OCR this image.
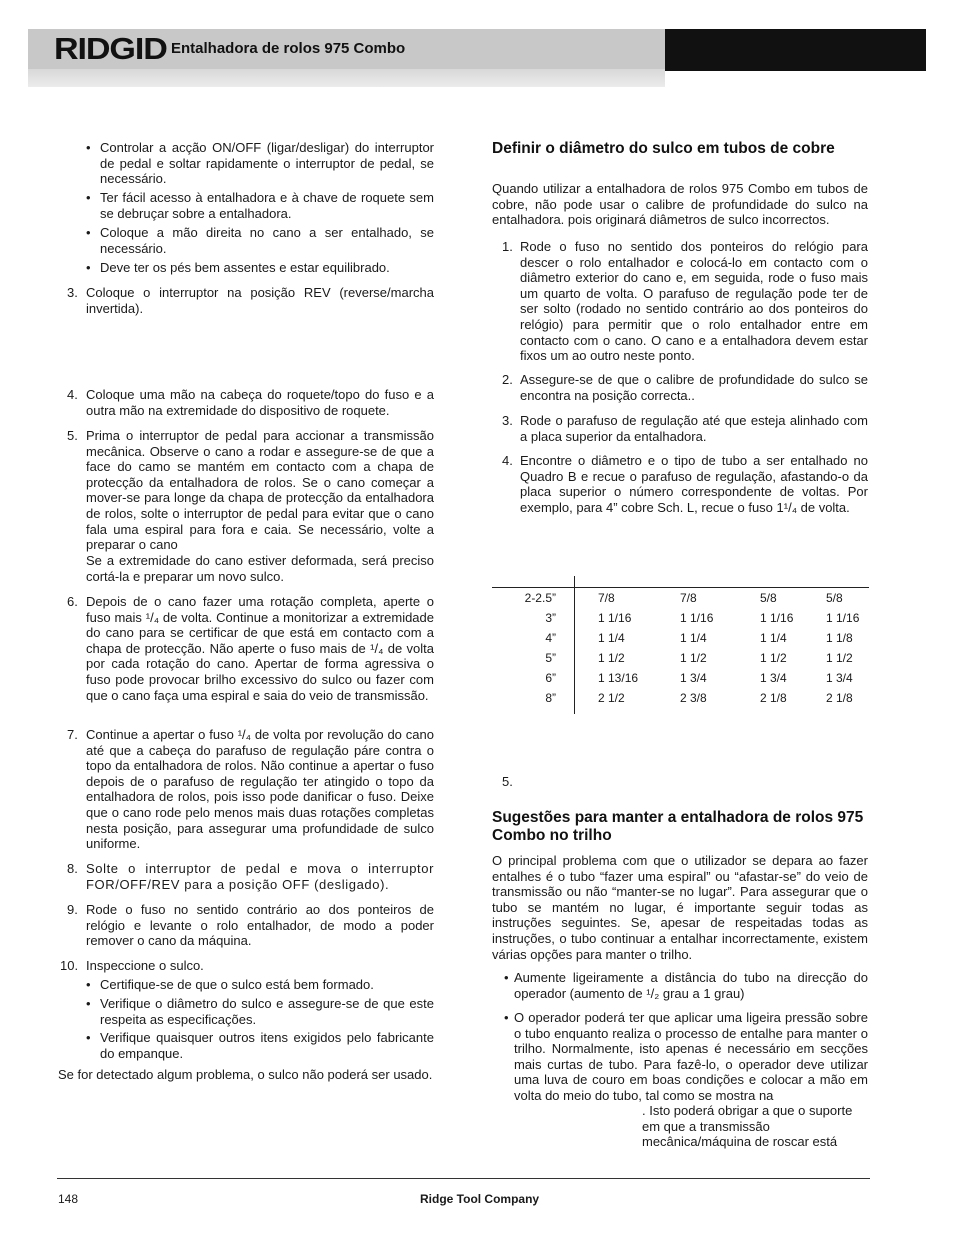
RIDGID Entalhadora de rolos 975 Combo
• Controlar a acção ON/OFF (ligar/desligar) do interruptor de pedal e soltar rapidamente o interruptor de pedal, se necessário.

• Ter fácil acesso à entalhadora e à chave de roquete sem se debruçar sobre a entalhadora.

• Coloque a mão direita no cano a ser entalhado, se necessário.

• Deve ter os pés bem assentes e estar equilibrado.

3. Coloque o interruptor na posição REV (reverse/marcha invertida).

4. Coloque uma mão na cabeça do roquete/topo do fuso e a outra mão na extremidade do dispositivo de roquete.

5. Prima o interruptor de pedal para accionar a transmissão mecânica. Observe o cano a rodar e assegure-se de que a face do camo se mantém em contacto com a chapa de protecção da entalhadora de rolos. Se o cano começar a mover-se para longe da chapa de protecção da entalhadora de rolos, solte o interruptor de pedal para evitar que o cano fala uma espiral para fora e caia. Se necessário, volte a preparar o cano

Se a extremidade do cano estiver deformada, será preciso cortá-la e preparar um novo sulco.

6. Depois de o cano fazer uma rotação completa, aperte o fuso mais ¹/₄ de volta. Continue a monitorizar a extremidade do cano para se certificar de que está em contacto com a chapa de protecção. Não aperte o fuso mais de ¹/₄ de volta por cada rotação do cano. Apertar de forma agressiva o fuso pode provocar brilho excessivo do sulco ou fazer com que o cano faça uma espiral e saia do veio de transmissão.

7. Continue a apertar o fuso ¹/₄ de volta por revolução do cano até que a cabeça do parafuso de regulação páre contra o topo da entalhadora de rolos. Não continue a apertar o fuso depois de o parafuso de regulação ter atingido o topo da entalhadora de rolos, pois isso pode danificar o fuso. Deixe que o cano rode pelo menos mais duas rotações completas nesta posição, para assegurar uma profundidade de sulco uniforme.

8. Solte o interruptor de pedal e mova o interruptor FOR/OFF/REV para a posição OFF (desligado).

9. Rode o fuso no sentido contrário ao dos ponteiros de relógio e levante o rolo entalhador, de modo a poder remover o cano da máquina.

10. Inspeccione o sulco.

• Certifique-se de que o sulco está bem formado.

• Verifique o diâmetro do sulco e assegure-se de que este respeita as especificações.

• Verifique quaisquer outros itens exigidos pelo fabricante do empanque.

Se for detectado algum problema, o sulco não poderá ser usado.

Definir o diâmetro do sulco em tubos de cobre

Quando utilizar a entalhadora de rolos 975 Combo em tubos de cobre, não pode usar o calibre de profundidade do sulco na entalhadora. pois originará diâmetros de sulco incorrectos.

1. Rode o fuso no sentido dos ponteiros do relógio para descer o rolo entalhador e colocá-lo em contacto com o diâmetro exterior do cano e, em seguida, rode o fuso mais um quarto de volta. O parafuso de regulação pode ter de ser solto (rodado no sentido contrário ao dos ponteiros do relógio) para permitir que o rolo entalhador entre em contacto com o cano. O cano e a entalhadora devem estar fixos um ao outro neste ponto.

2. Assegure-se de que o calibre de profundidade do sulco se encontra na posição correcta..

3. Rode o parafuso de regulação até que esteja alinhado com a placa superior da entalhadora.

4. Encontre o diâmetro e o tipo de tubo a ser entalhado no Quadro B e recue o parafuso de regulação, afastando-o da placa superior o número correspondente de voltas. Por exemplo, para 4” cobre Sch. L, recue o fuso 1¹/₄ de volta.

5.
Sugestões para manter a entalhadora de rolos 975 Combo no trilho

O principal problema com que o utilizador se depara ao fazer entalhes é o tubo “fazer uma espiral” ou “afastar-se” do veio de transmissão ou não “manter-se no lugar”. Para assegurar que o tubo se mantém no lugar, é importante seguir todas as instruções seguintes. Se, apesar de respeitadas todas as instruções, o tubo continuar a entalhar incorrectamente, existem várias opções para manter o trilho.

• Aumente ligeiramente a distância do tubo na direcção do operador (aumento de ¹/₂ grau a 1 grau)

• O operador poderá ter que aplicar uma ligeira pressão sobre o tubo enquanto realiza o processo de entalhe para manter o trilho. Normalmente, isto apenas é necessário em secções mais curtas de tubo. Para fazê-lo, o operador deve utilizar uma luva de couro em boas condições e colocar a mão em volta do meio do tubo, tal como se mostra na

. Isto poderá obrigar a que o suporte em que a transmissão mecânica/máquina de roscar está

2-2.5”	7/8	7/8	5/8	5/8
3”	1 1/16	1 1/16	1 1/16	1 1/16
4”	1 1/4	1 1/4	1 1/4	1 1/8
5”	1 1/2	1 1/2	1 1/2	1 1/2
6”	1 13/16	1 3/4	1 3/4	1 3/4
8”	2 1/2	2 3/8	2 1/8	2 1/8
148	Ridge Tool Company
